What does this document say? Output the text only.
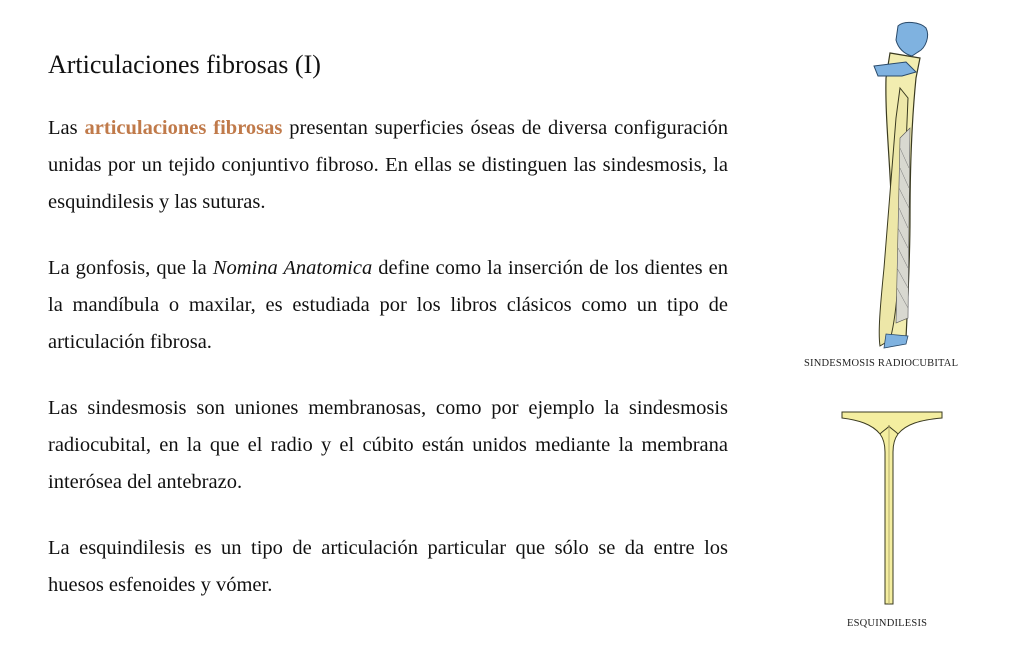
Articulaciones fibrosas (I)

Las articulaciones fibrosas presentan superficies óseas de diversa configuración unidas por un tejido conjuntivo fibroso. En ellas se distinguen las sindesmosis, la esquindilesis y las suturas.

La gonfosis, que la Nomina Anatomica define como la inserción de los dientes en la mandíbula o maxilar, es estudiada por los libros clásicos como un tipo de articulación fibrosa.

Las sindesmosis son uniones membranosas, como por ejemplo la sindesmosis radiocubital, en la que el radio y el cúbito están unidos mediante la membrana interósea del antebrazo.

La esquindilesis es un tipo de articulación particular que sólo se da entre los huesos esfenoides y vómer.

SINDESMOSIS RADIOCUBITAL
ESQUINDILESIS
